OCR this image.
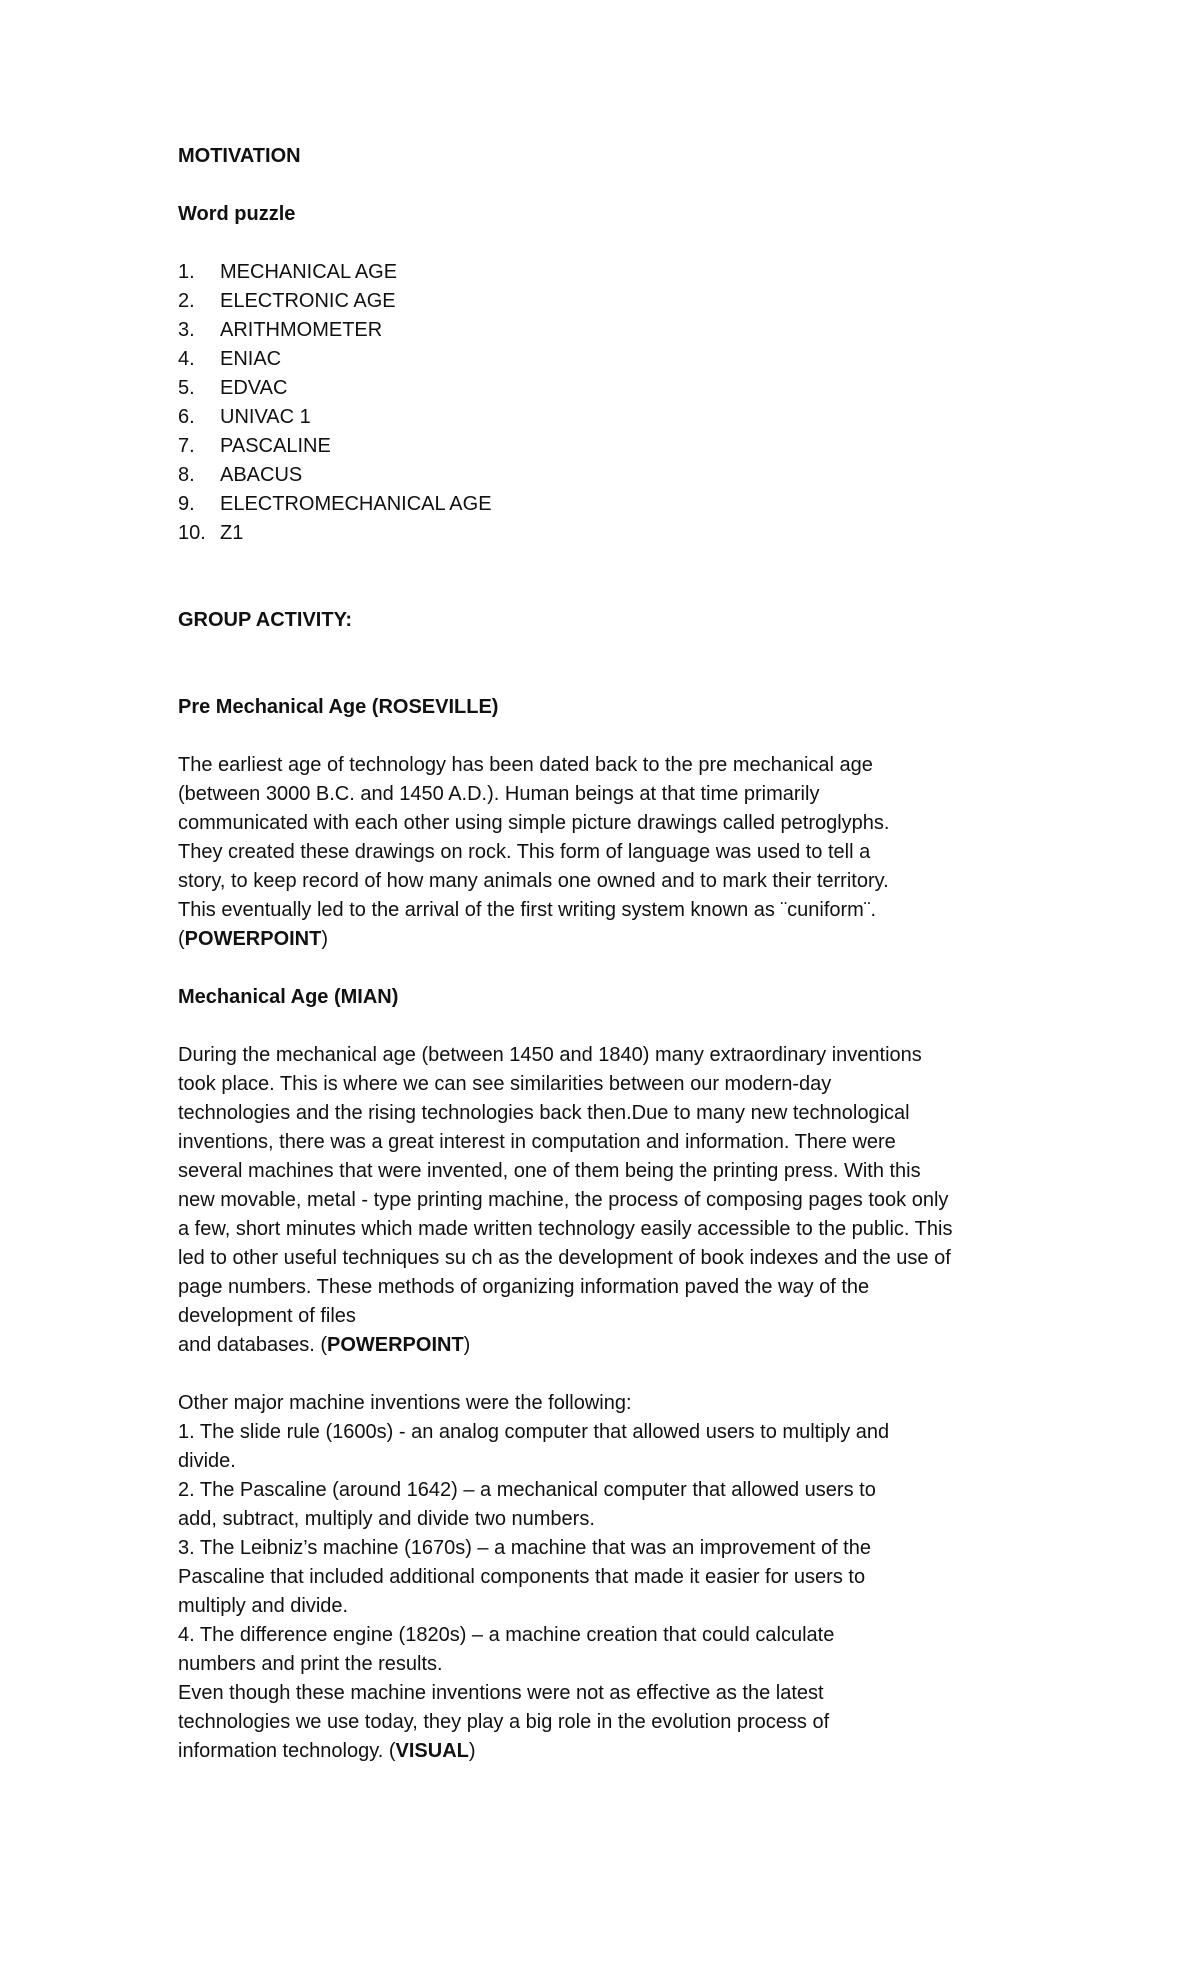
MOTIVATION

Word puzzle

1.	MECHANICAL AGE
2.	ELECTRONIC AGE
3.	ARITHMOMETER
4.	ENIAC
5.	EDVAC
6.	UNIVAC 1
7.	PASCALINE
8.	ABACUS
9.	ELECTROMECHANICAL AGE
10. Z1

GROUP ACTIVITY:

Pre Mechanical Age (ROSEVILLE)

The earliest age of technology has been dated back to the pre mechanical age

(between 3000 B.C. and 1450 A.D.). Human beings at that time primarily

communicated with each other using simple picture drawings called petroglyphs.

They created these drawings on rock. This form of language was used to tell a

story, to keep record of how many animals one owned and to mark their territory.

This eventually led to the arrival of the first writing system known as ¨cuniform¨.

(POWERPOINT)

Mechanical Age (MIAN)

During the mechanical age (between 1450 and 1840) many extraordinary inventions

took place. This is where we can see similarities between our modern-day

technologies and the rising technologies back then.Due to many new technological

inventions, there was a great interest in computation and information. There were

several machines that were invented, one of them being the printing press. With this

new movable, metal - type printing machine, the process of composing pages took only

a few, short minutes which made written technology easily accessible to the public. This

led to other useful techniques su ch as the development of book indexes and the use of

page numbers. These methods of organizing information paved the way of the

development of files

and databases. (POWERPOINT)

Other major machine inventions were the following:

1. The slide rule (1600s) - an analog computer that allowed users to multiply and

divide.

2. The Pascaline (around 1642) – a mechanical computer that allowed users to

add, subtract, multiply and divide two numbers.

3. The Leibniz’s machine (1670s) – a machine that was an improvement of the

Pascaline that included additional components that made it easier for users to

multiply and divide.

4. The difference engine (1820s) – a machine creation that could calculate

numbers and print the results.

Even though these machine inventions were not as effective as the latest

technologies we use today, they play a big role in the evolution process of

information technology. (VISUAL)
